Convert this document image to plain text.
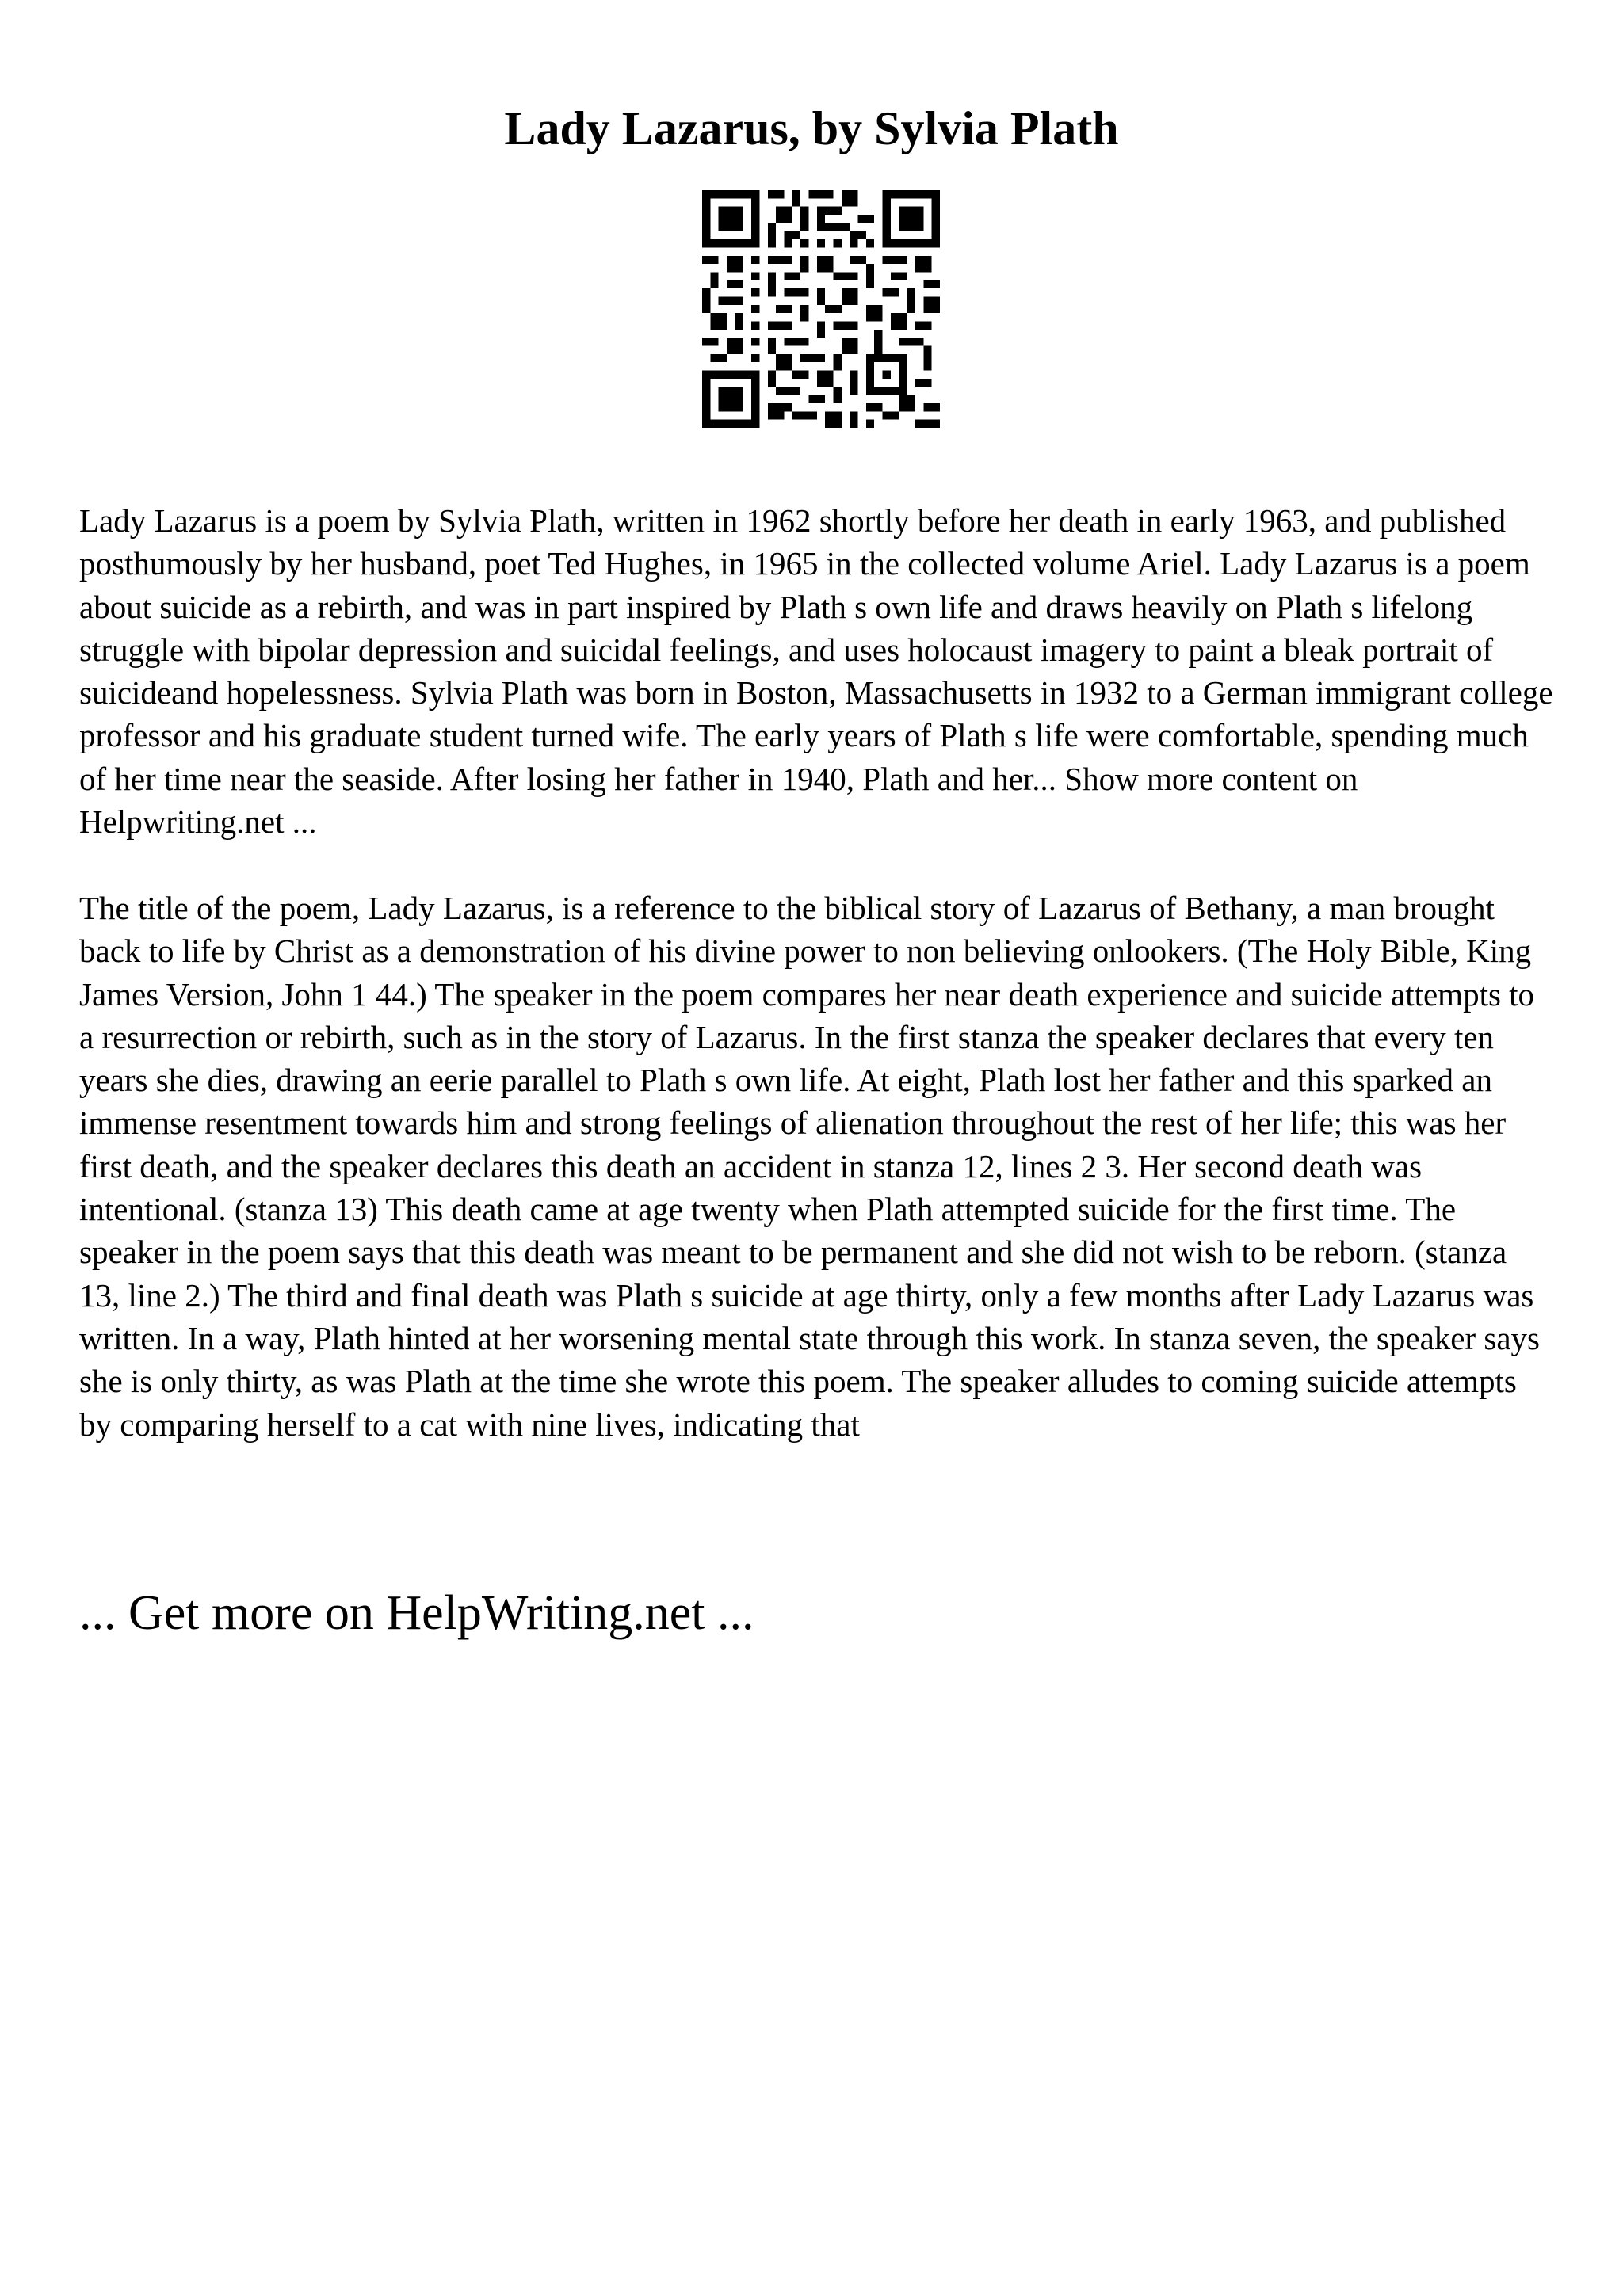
Lady Lazarus, by Sylvia Plath

Lady Lazarus is a poem by Sylvia Plath, written in 1962 shortly before her death in early 1963, and published posthumously by her husband, poet Ted Hughes, in 1965 in the collected volume Ariel. Lady Lazarus is a poem about suicide as a rebirth, and was in part inspired by Plath s own life and draws heavily on Plath s lifelong struggle with bipolar depression and suicidal feelings, and uses holocaust imagery to paint a bleak portrait of suicideand hopelessness. Sylvia Plath was born in Boston, Massachusetts in 1932 to a German immigrant college professor and his graduate student turned wife. The early years of Plath s life were comfortable, spending much of her time near the seaside. After losing her father in 1940, Plath and her... Show more content on Helpwriting.net ...

The title of the poem, Lady Lazarus, is a reference to the biblical story of Lazarus of Bethany, a man brought back to life by Christ as a demonstration of his divine power to non believing onlookers. (The Holy Bible, King James Version, John 1 44.) The speaker in the poem compares her near death experience and suicide attempts to a resurrection or rebirth, such as in the story of Lazarus. In the first stanza the speaker declares that every ten years she dies, drawing an eerie parallel to Plath s own life. At eight, Plath lost her father and this sparked an immense resentment towards him and strong feelings of alienation throughout the rest of her life; this was her first death, and the speaker declares this death an accident in stanza 12, lines 2 3. Her second death was intentional. (stanza 13) This death came at age twenty when Plath attempted suicide for the first time. The speaker in the poem says that this death was meant to be permanent and she did not wish to be reborn. (stanza 13, line 2.) The third and final death was Plath s suicide at age thirty, only a few months after Lady Lazarus was written. In a way, Plath hinted at her worsening mental state through this work. In stanza seven, the speaker says she is only thirty, as was Plath at the time she wrote this poem. The speaker alludes to coming suicide attempts by comparing herself to a cat with nine lives, indicating that

... Get more on HelpWriting.net ...
